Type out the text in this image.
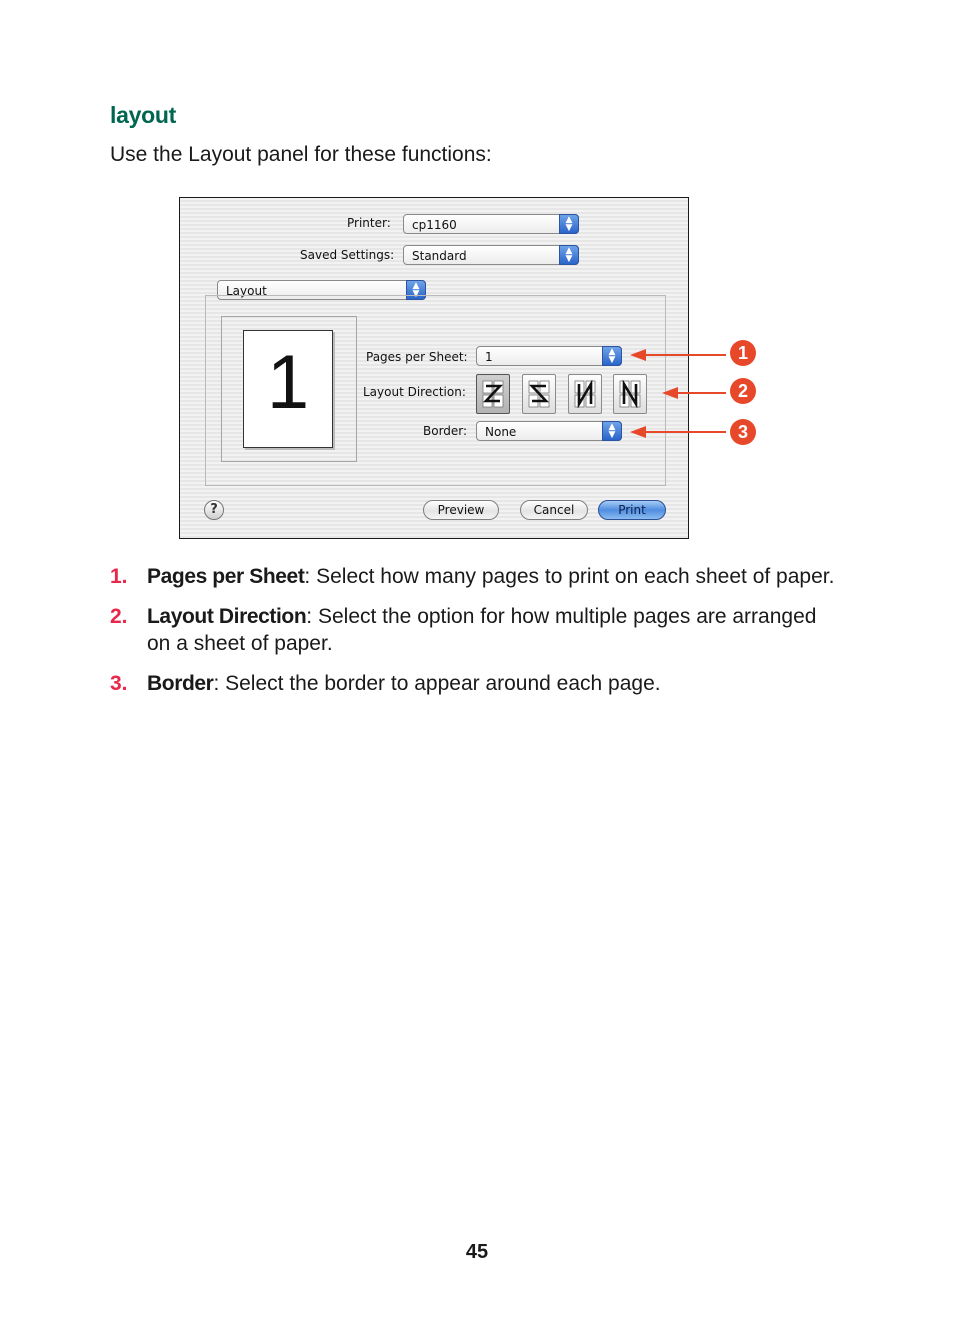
layout

Use the Layout panel for these functions:

Printer: cp1160	▲
▼
Saved Settings: Standard	▲
▼
Layout	▲
▼
1	Pages per Sheet: 1	▲
▼
Layout Direction:
Border: None	▲
▼
?	Preview	Cancel	Print
1
2
3
1. Pages per Sheet: Select how many pages to print on each sheet of paper.
2. Layout Direction: Select the option for how multiple pages are arranged on a sheet of paper.
3. Border: Select the border to appear around each page.
45
